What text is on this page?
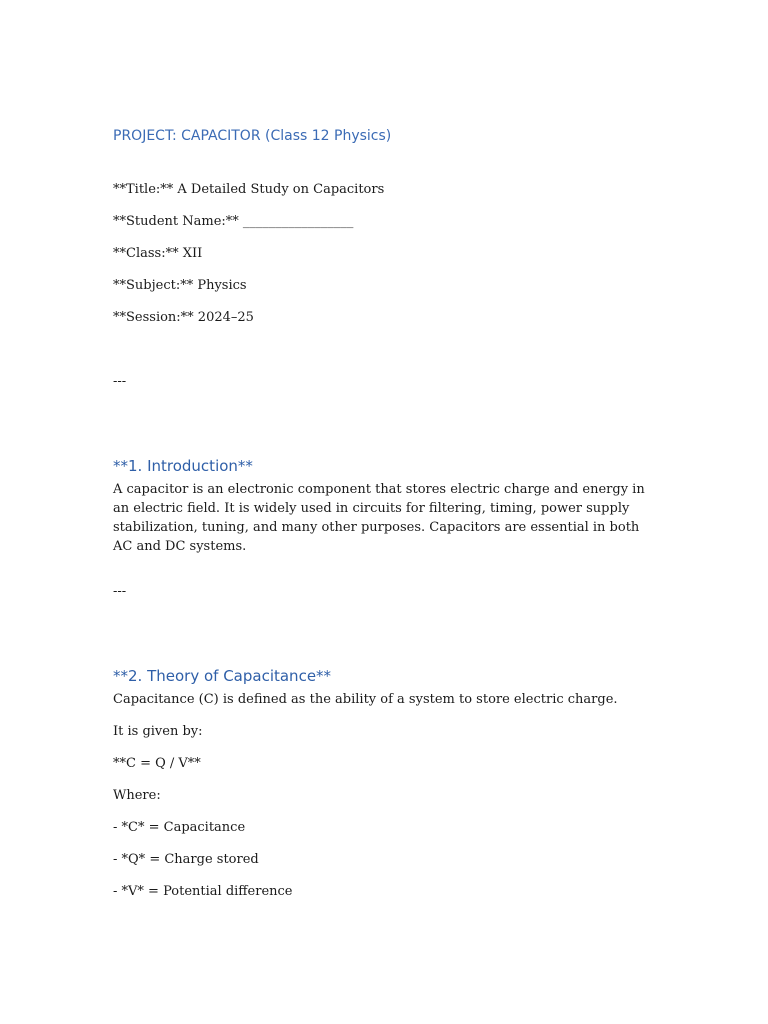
PROJECT: CAPACITOR (Class 12 Physics)
**Title:** A Detailed Study on Capacitors
**Student Name:** _________________
**Class:** XII
**Subject:** Physics
**Session:** 2024–25
---
**1. Introduction**
A capacitor is an electronic component that stores electric charge and energy in an electric field. It is widely used in circuits for filtering, timing, power supply stabilization, tuning, and many other purposes. Capacitors are essential in both AC and DC systems.
---
**2. Theory of Capacitance**
Capacitance (C) is defined as the ability of a system to store electric charge.
It is given by:
**C = Q / V**
Where:
- *C* = Capacitance
- *Q* = Charge stored
- *V* = Potential difference
